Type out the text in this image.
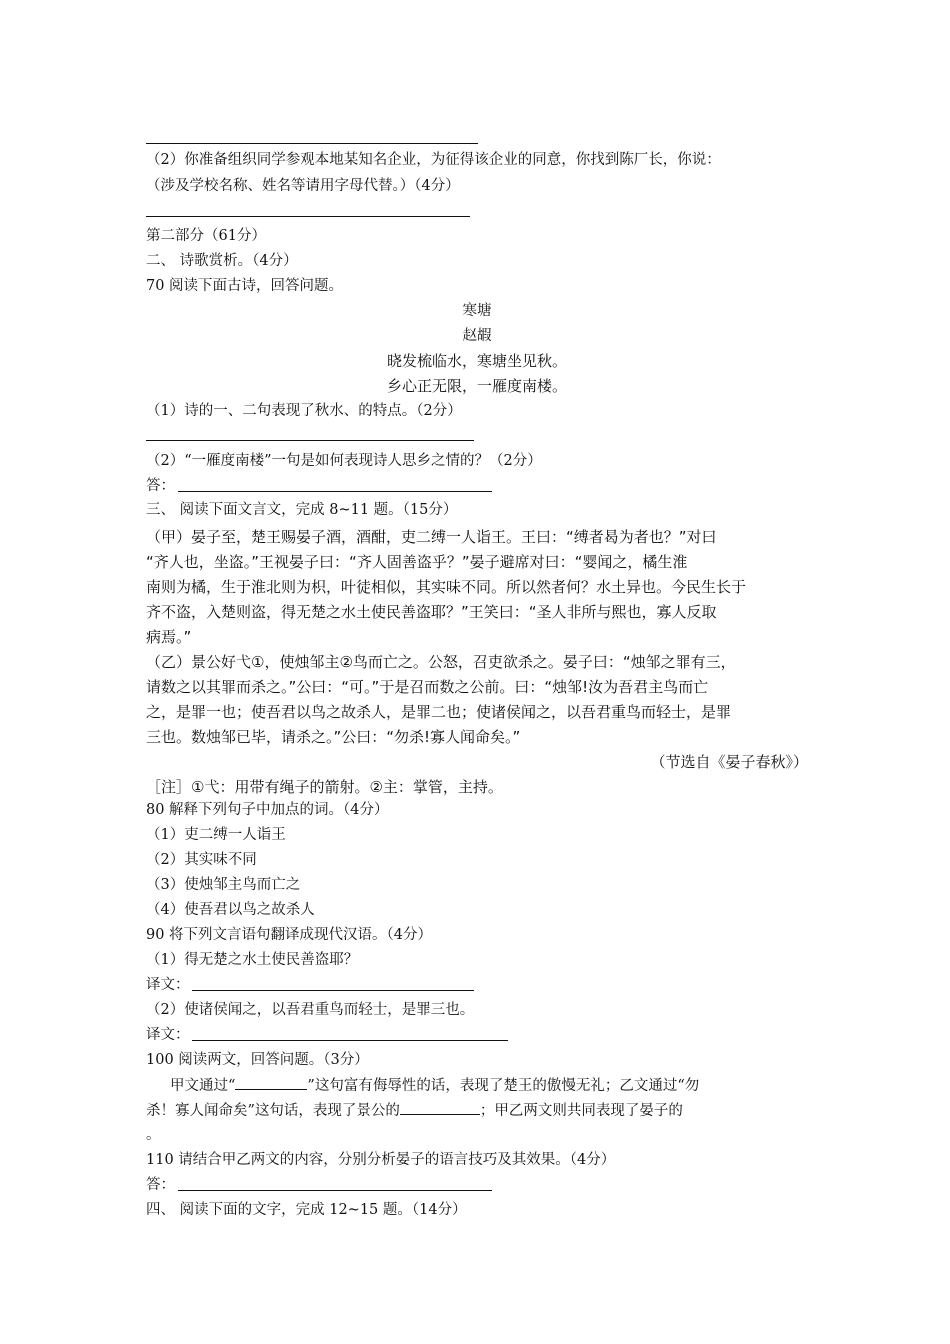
（2）你准备组织同学参观本地某知名企业，为征得该企业的同意，你找到陈厂长，你说：
（涉及学校名称、姓名等请用字母代替。）（4分）
第二部分（61分）
二、 诗歌赏析。（4分）
70 阅读下面古诗，回答问题。
寒塘
赵嘏
晓发梳临水，寒塘坐见秋。
乡心正无限，一雁度南楼。
（1）诗的一、二句表现了秋水、的特点。（2分）
（2）“一雁度南楼”一句是如何表现诗人思乡之情的？（2分）
答：
三、 阅读下面文言文，完成 8~11 题。（15分）
（甲）晏子至，楚王赐晏子酒，酒酣，吏二缚一人诣王。王曰：“缚者曷为者也？”对曰
“齐人也，坐盗。”王视晏子曰：“齐人固善盗乎？”晏子避席对曰：“婴闻之，橘生淮
南则为橘，生于淮北则为枳，叶徒相似，其实味不同。所以然者何？水土异也。今民生长于
齐不盗，入楚则盗，得无楚之水土使民善盗耶？”王笑曰：“圣人非所与熙也，寡人反取
病焉。”
（乙）景公好弋①，使烛邹主②鸟而亡之。公怒，召吏欲杀之。晏子曰：“烛邹之罪有三，
请数之以其罪而杀之。”公曰：“可。”于是召而数之公前。曰：“烛邹!汝为吾君主鸟而亡
之，是罪一也；使吾君以鸟之故杀人，是罪二也；使诸侯闻之，以吾君重鸟而轻士，是罪
三也。数烛邹已毕，请杀之。”公曰：“勿杀!寡人闻命矣。”
（节选自《晏子春秋》）
［注］①弋：用带有绳子的箭射。②主：掌管，主持。
80 解释下列句子中加点的词。（4分）
（1）吏二缚一人诣王
（2）其实味不同
（3）使烛邹主鸟而亡之
（4）使吾君以鸟之故杀人
90 将下列文言语句翻译成现代汉语。（4分）
（1）得无楚之水土使民善盗耶？
译文：
（2）使诸侯闻之，以吾君重鸟而轻士，是罪三也。
译文：
100 阅读两文，回答问题。（3分）
甲文通过“	”这句富有侮辱性的话，表现了楚王的傲慢无礼；乙文通过“勿
杀！寡人闻命矣”这句话，表现了景公的	；甲乙两文则共同表现了晏子的
。
110 请结合甲乙两文的内容，分别分析晏子的语言技巧及其效果。（4分）
答：
四、 阅读下面的文字，完成 12~15 题。（14分）
